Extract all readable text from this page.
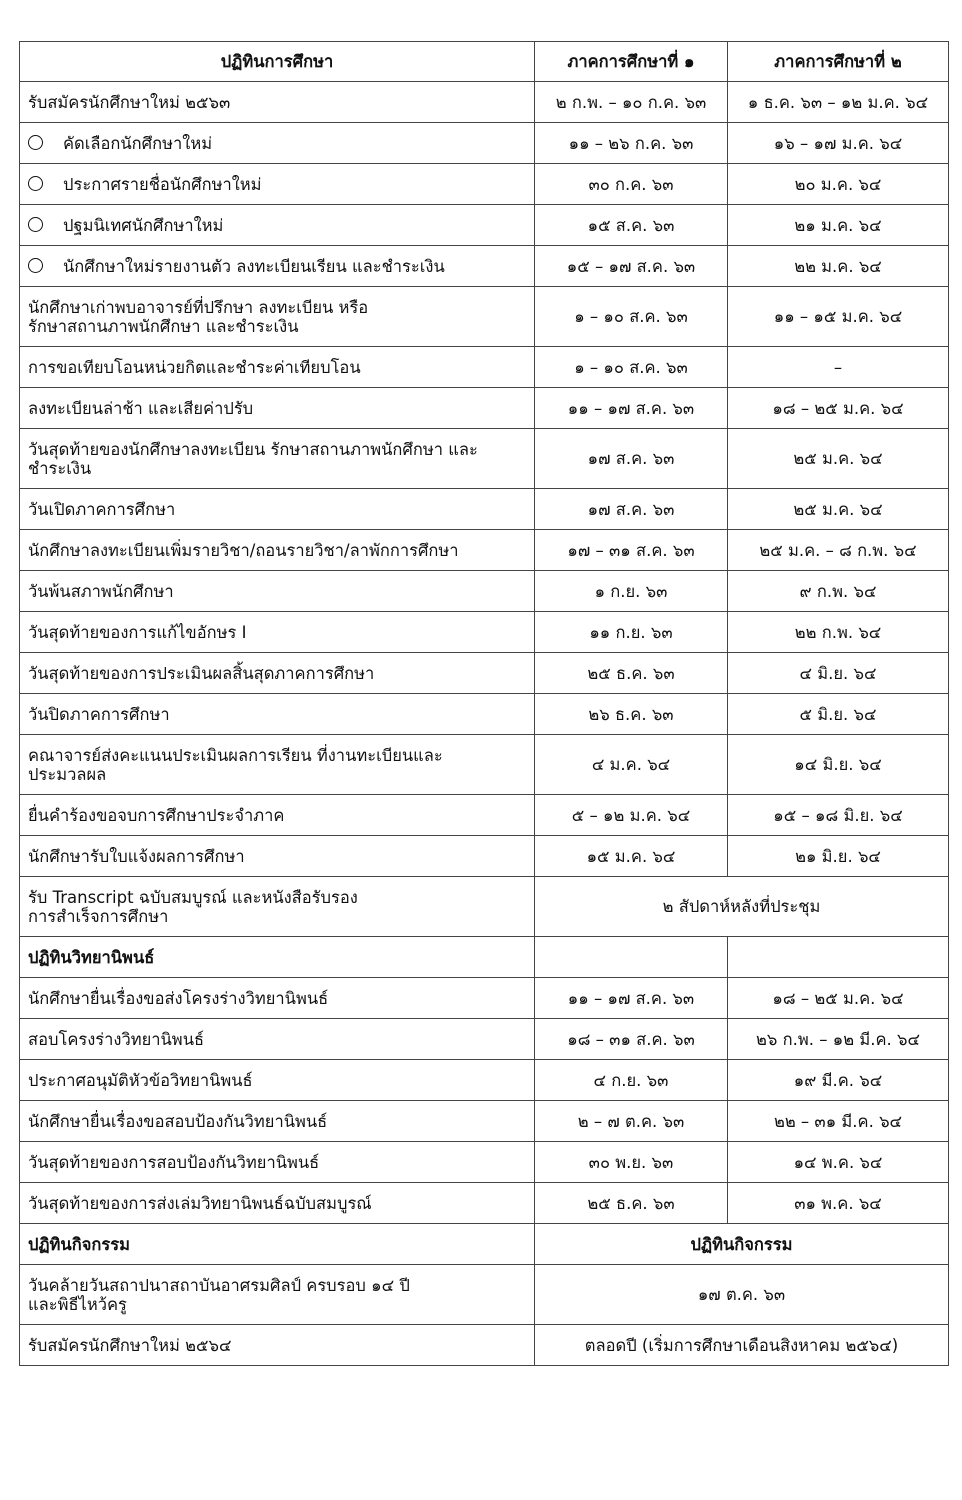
ปฏิทินการศึกษา	ภาคการศึกษาที่ ๑	ภาคการศึกษาที่ ๒
รับสมัครนักศึกษาใหม่ ๒๕๖๓	๒ ก.พ. – ๑๐ ก.ค. ๖๓	๑ ธ.ค. ๖๓ – ๑๒ ม.ค. ๖๔
คัดเลือกนักศึกษาใหม่	๑๑ – ๒๖ ก.ค. ๖๓	๑๖ – ๑๗ ม.ค. ๖๔
ประกาศรายชื่อนักศึกษาใหม่	๓๐ ก.ค. ๖๓	๒๐ ม.ค. ๖๔
ปฐมนิเทศนักศึกษาใหม่	๑๕ ส.ค. ๖๓	๒๑ ม.ค. ๖๔
นักศึกษาใหม่รายงานตัว ลงทะเบียนเรียน และชำระเงิน	๑๕ – ๑๗ ส.ค. ๖๓	๒๒ ม.ค. ๖๔

นักศึกษาเก่าพบอาจารย์ที่ปรึกษา ลงทะเบียน หรือ
รักษาสถานภาพนักศึกษา และชำระเงิน	๑ – ๑๐ ส.ค. ๖๓	๑๑ – ๑๕ ม.ค. ๖๔
การขอเทียบโอนหน่วยกิตและชำระค่าเทียบโอน	๑ – ๑๐ ส.ค. ๖๓	–
ลงทะเบียนล่าช้า และเสียค่าปรับ	๑๑ – ๑๗ ส.ค. ๖๓	๑๘ – ๒๕ ม.ค. ๖๔

วันสุดท้ายของนักศึกษาลงทะเบียน รักษาสถานภาพนักศึกษา และ
ชำระเงิน	๑๗ ส.ค. ๖๓	๒๕ ม.ค. ๖๔
วันเปิดภาคการศึกษา	๑๗ ส.ค. ๖๓	๒๕ ม.ค. ๖๔
นักศึกษาลงทะเบียนเพิ่มรายวิชา/ถอนรายวิชา/ลาพักการศึกษา	๑๗ – ๓๑ ส.ค. ๖๓	๒๕ ม.ค. – ๘ ก.พ. ๖๔
วันพ้นสภาพนักศึกษา	๑ ก.ย. ๖๓	๙ ก.พ. ๖๔
วันสุดท้ายของการแก้ไขอักษร I	๑๑ ก.ย. ๖๓	๒๒ ก.พ. ๖๔
วันสุดท้ายของการประเมินผลสิ้นสุดภาคการศึกษา	๒๕ ธ.ค. ๖๓	๔ มิ.ย. ๖๔
วันปิดภาคการศึกษา	๒๖ ธ.ค. ๖๓	๕ มิ.ย. ๖๔

คณาจารย์ส่งคะแนนประเมินผลการเรียน ที่งานทะเบียนและ
ประมวลผล	๔ ม.ค. ๖๔	๑๔ มิ.ย. ๖๔
ยื่นคำร้องขอจบการศึกษาประจำภาค	๕ – ๑๒ ม.ค. ๖๔	๑๕ – ๑๘ มิ.ย. ๖๔
นักศึกษารับใบแจ้งผลการศึกษา	๑๕ ม.ค. ๖๔	๒๑ มิ.ย. ๖๔

รับ Transcript ฉบับสมบูรณ์ และหนังสือรับรอง
การสำเร็จการศึกษา	๒ สัปดาห์หลังที่ประชุม	
ปฏิทินวิทยานิพนธ์		
นักศึกษายื่นเรื่องขอส่งโครงร่างวิทยานิพนธ์	๑๑ – ๑๗ ส.ค. ๖๓	๑๘ – ๒๕ ม.ค. ๖๔
สอบโครงร่างวิทยานิพนธ์	๑๘ – ๓๑ ส.ค. ๖๓	๒๖ ก.พ. – ๑๒ มี.ค. ๖๔
ประกาศอนุมัติหัวข้อวิทยานิพนธ์	๔ ก.ย. ๖๓	๑๙ มี.ค. ๖๔
นักศึกษายื่นเรื่องขอสอบป้องกันวิทยานิพนธ์	๒ – ๗ ต.ค. ๖๓	๒๒ – ๓๑ มี.ค. ๖๔
วันสุดท้ายของการสอบป้องกันวิทยานิพนธ์	๓๐ พ.ย. ๖๓	๑๔ พ.ค. ๖๔
วันสุดท้ายของการส่งเล่มวิทยานิพนธ์ฉบับสมบูรณ์	๒๕ ธ.ค. ๖๓	๓๑ พ.ค. ๖๔
ปฏิทินกิจกรรม	ปฏิทินกิจกรรม	

วันคล้ายวันสถาปนาสถาบันอาศรมศิลป์ ครบรอบ ๑๔ ปี
และพิธีไหว้ครู	๑๗ ต.ค. ๖๓	
รับสมัครนักศึกษาใหม่ ๒๕๖๔	ตลอดปี (เริ่มการศึกษาเดือนสิงหาคม ๒๕๖๔)	
